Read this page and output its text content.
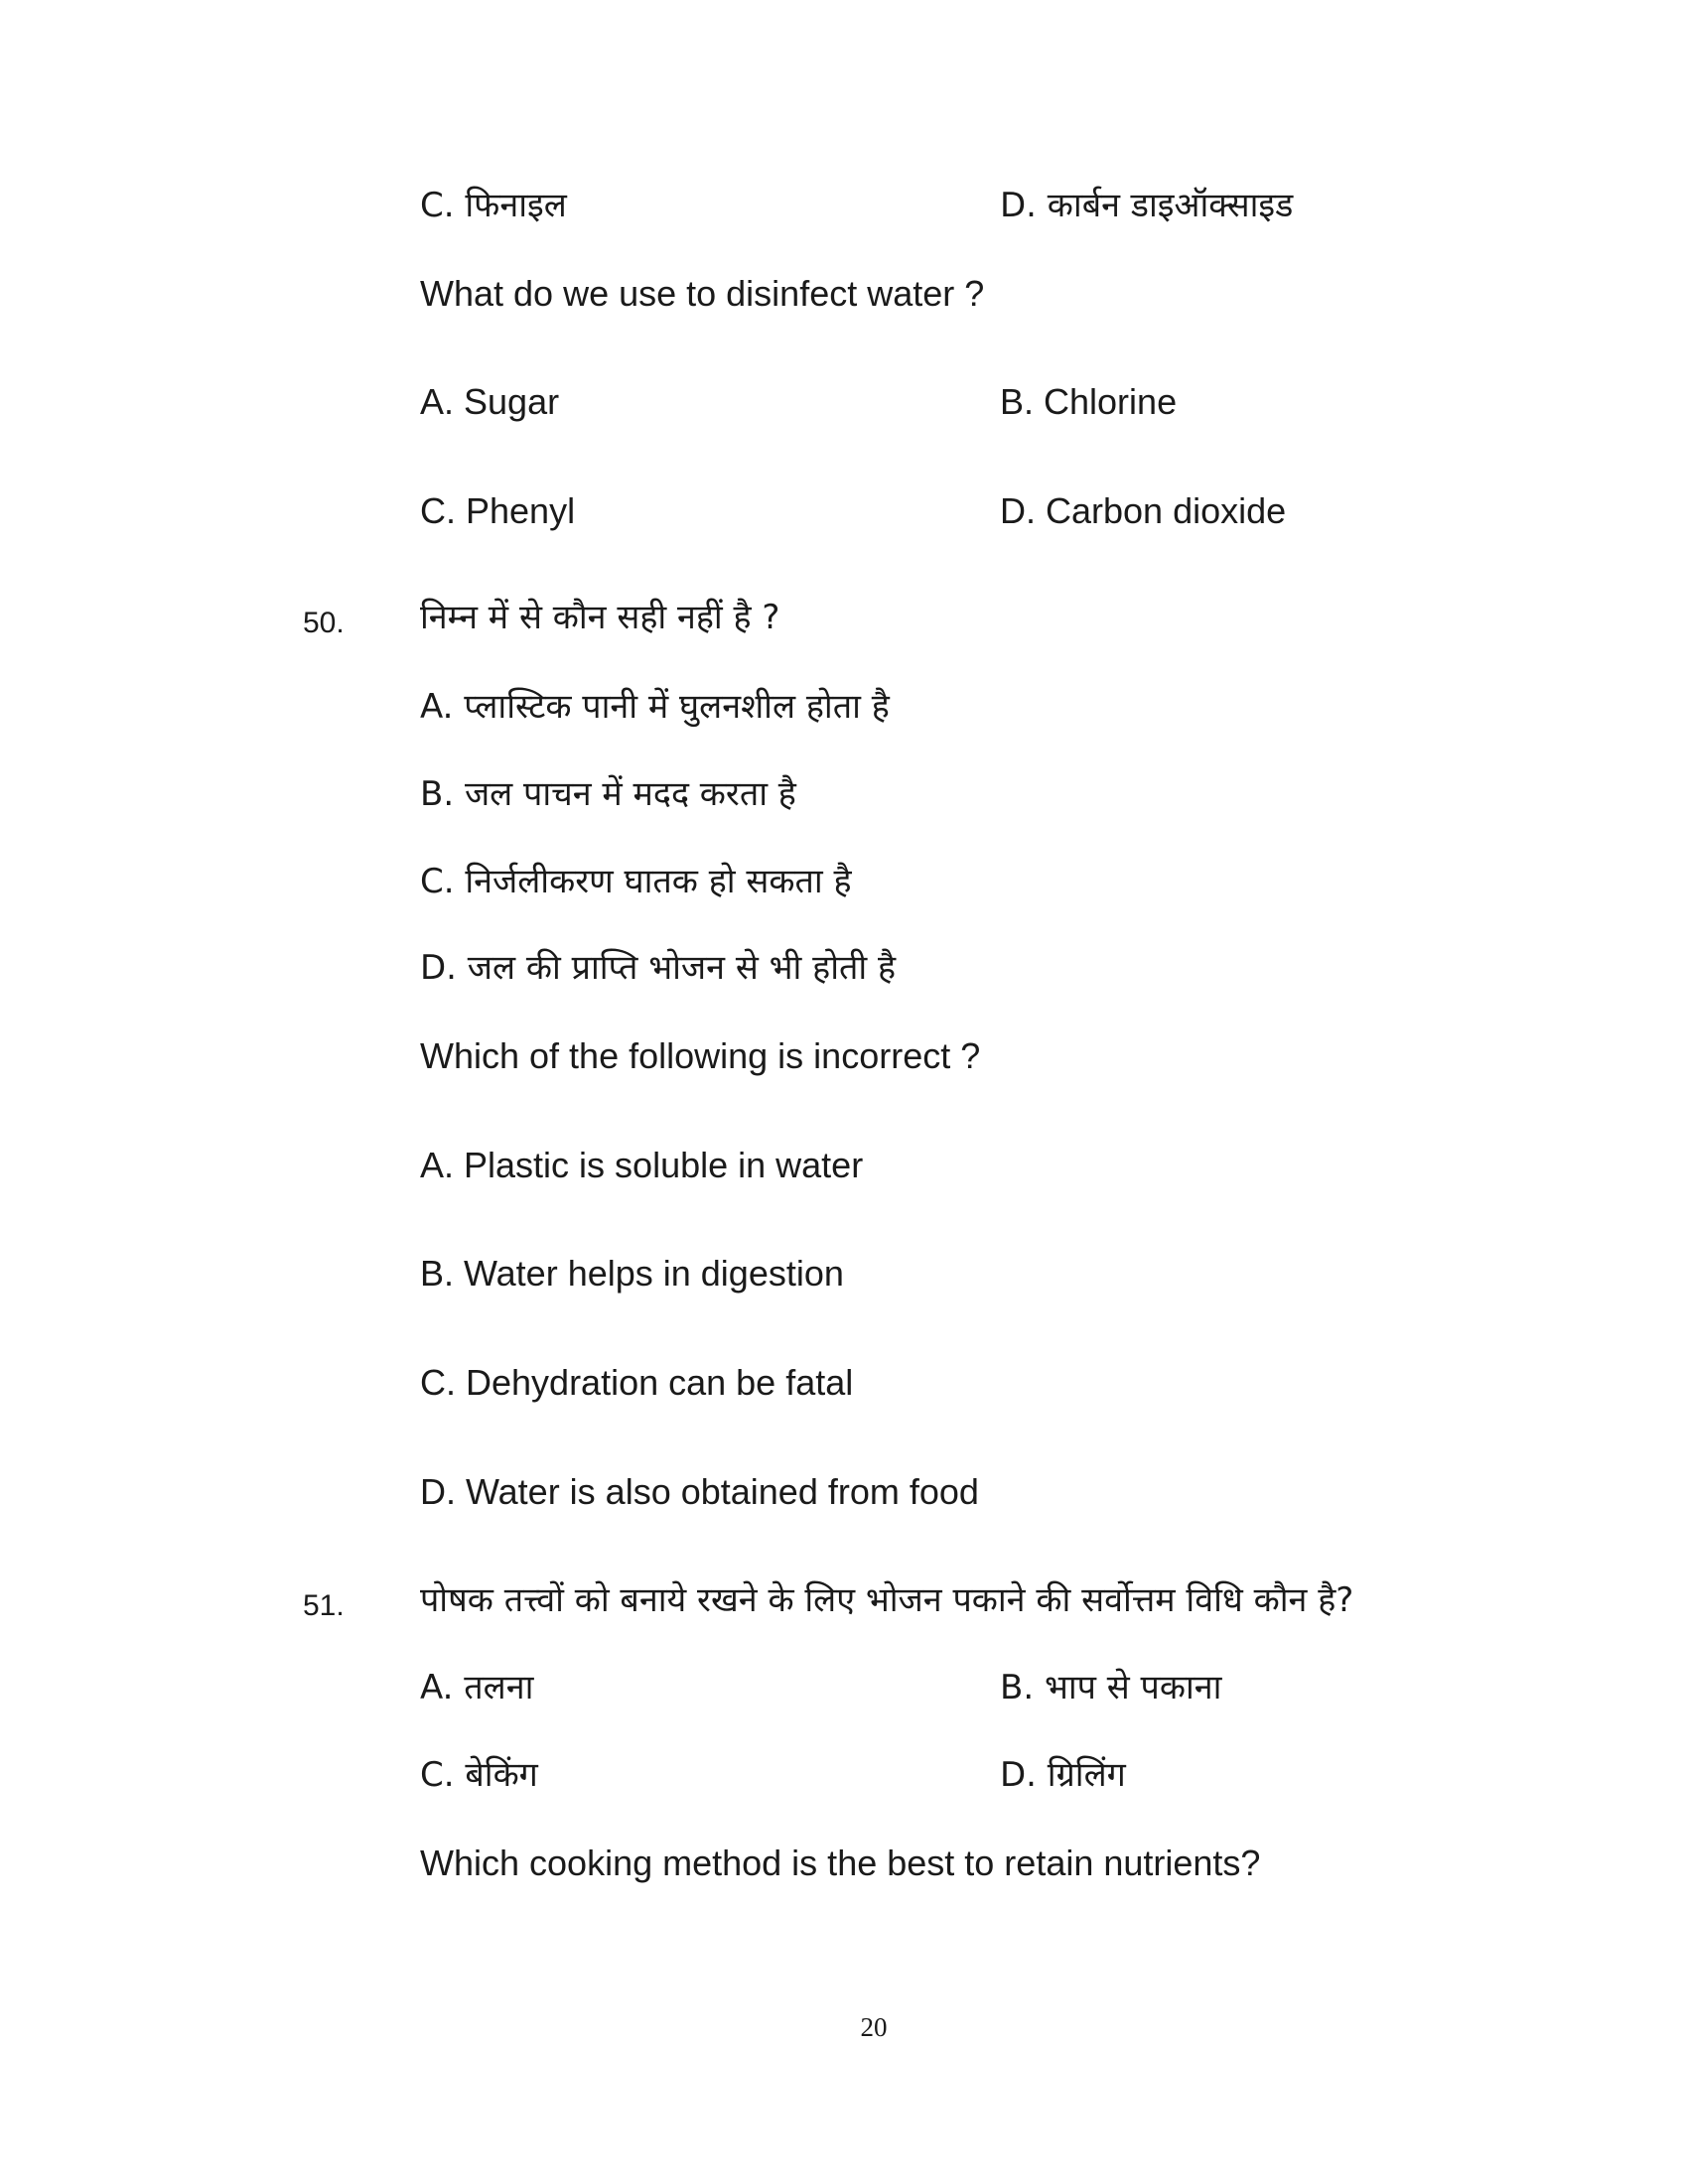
C. फिनाइल	D. कार्बन डाइऑक्साइड
What do we use to disinfect water ?
A. Sugar	B. Chlorine
C. Phenyl	D. Carbon dioxide
50. निम्न में से कौन सही नहीं है ?
A. प्लास्टिक पानी में घुलनशील होता है
B. जल पाचन में मदद करता है
C. निर्जलीकरण घातक हो सकता है
D. जल की प्राप्ति भोजन से भी होती है
Which of the following is incorrect ?
A. Plastic is soluble in water
B. Water helps in digestion
C. Dehydration can be fatal
D. Water is also obtained from food
51. पोषक तत्त्वों को बनाये रखने के लिए भोजन पकाने की सर्वोत्तम विधि कौन है?
A. तलना	B. भाप से पकाना
C. बेकिंग	D. ग्रिलिंग
Which cooking method is the best to retain nutrients?
20
